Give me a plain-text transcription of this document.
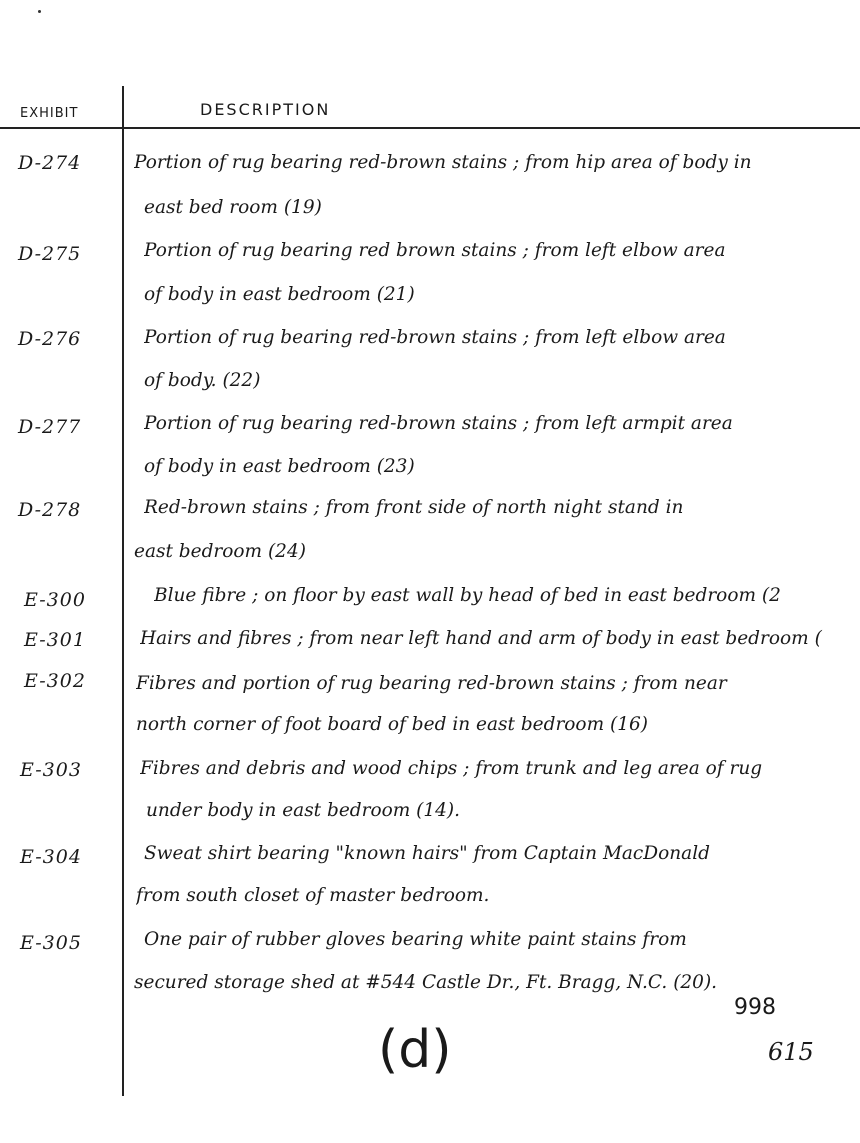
EXHIBIT	DESCRIPTION
D-274	Portion of rug bearing red-brown stains ; from hip area of body in
east bed room (19)
D-275	Portion of rug bearing red brown stains ; from left elbow area
of body in east bedroom (21)
D-276	Portion of rug bearing red-brown stains ; from left elbow area
of body. (22)
D-277	Portion of rug bearing red-brown stains ; from left armpit area
of body in east bedroom (23)
D-278	Red-brown stains ; from front side of north night stand in
east bedroom (24)
E-300	Blue fibre ; on floor by east wall by head of bed in east bedroom (2
E-301	Hairs and fibres ; from near left hand and arm of body in east bedroom (
E-302	Fibres and portion of rug bearing red-brown stains ; from near
north corner of foot board of bed in east bedroom (16)
E-303	Fibres and debris and wood chips ; from trunk and leg area of rug
under body in east bedroom (14).
E-304	Sweat shirt bearing "known hairs" from Captain MacDonald
from south closet of master bedroom.
E-305	One pair of rubber gloves bearing white paint stains from
secured storage shed at #544 Castle Dr., Ft. Bragg, N.C. (20).
998
(d)	615
